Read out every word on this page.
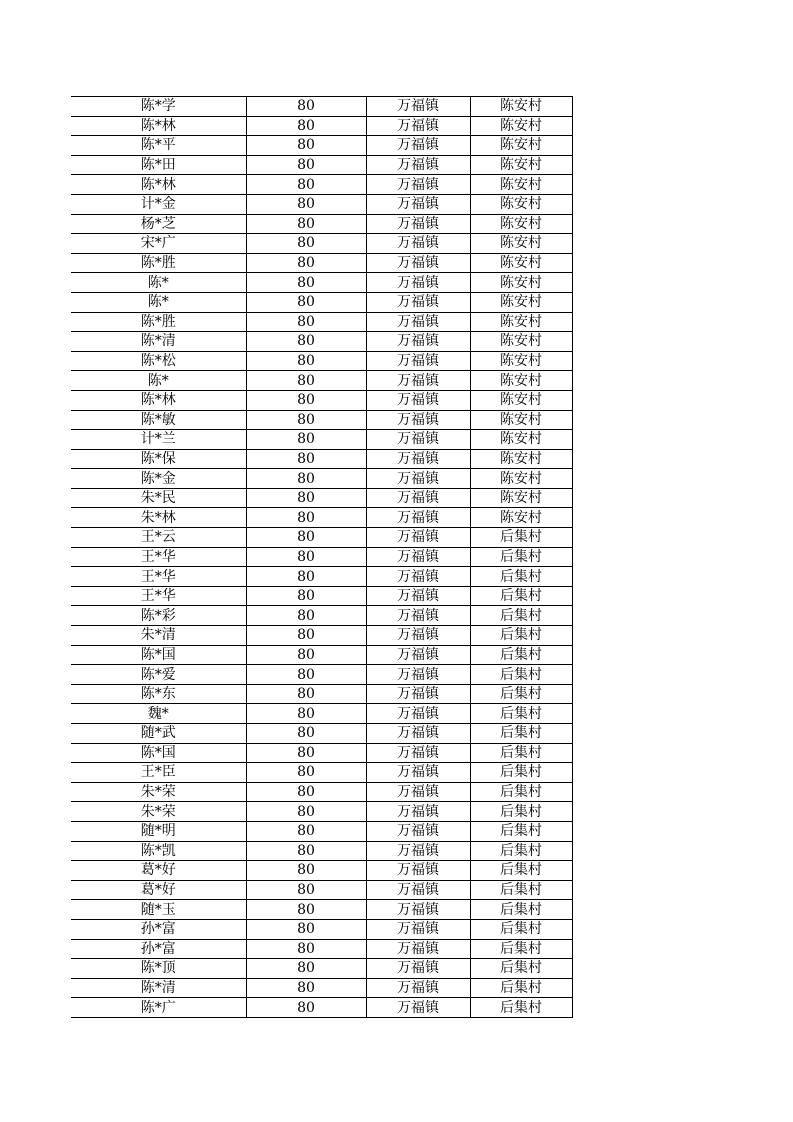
陈*学	80	万福镇	陈安村
陈*林	80	万福镇	陈安村
陈*平	80	万福镇	陈安村
陈*田	80	万福镇	陈安村
陈*林	80	万福镇	陈安村
计*金	80	万福镇	陈安村
杨*芝	80	万福镇	陈安村
宋*广	80	万福镇	陈安村
陈*胜	80	万福镇	陈安村
陈*	80	万福镇	陈安村
陈*	80	万福镇	陈安村
陈*胜	80	万福镇	陈安村
陈*清	80	万福镇	陈安村
陈*松	80	万福镇	陈安村
陈*	80	万福镇	陈安村
陈*林	80	万福镇	陈安村
陈*敏	80	万福镇	陈安村
计*兰	80	万福镇	陈安村
陈*保	80	万福镇	陈安村
陈*金	80	万福镇	陈安村
朱*民	80	万福镇	陈安村
朱*林	80	万福镇	陈安村
王*云	80	万福镇	后集村
王*华	80	万福镇	后集村
王*华	80	万福镇	后集村
王*华	80	万福镇	后集村
陈*彩	80	万福镇	后集村
朱*清	80	万福镇	后集村
陈*国	80	万福镇	后集村
陈*爱	80	万福镇	后集村
陈*东	80	万福镇	后集村
魏*	80	万福镇	后集村
随*武	80	万福镇	后集村
陈*国	80	万福镇	后集村
王*臣	80	万福镇	后集村
朱*荣	80	万福镇	后集村
朱*荣	80	万福镇	后集村
随*明	80	万福镇	后集村
陈*凯	80	万福镇	后集村
葛*好	80	万福镇	后集村
葛*好	80	万福镇	后集村
随*玉	80	万福镇	后集村
孙*富	80	万福镇	后集村
孙*富	80	万福镇	后集村
陈*顶	80	万福镇	后集村
陈*清	80	万福镇	后集村
陈*广	80	万福镇	后集村
